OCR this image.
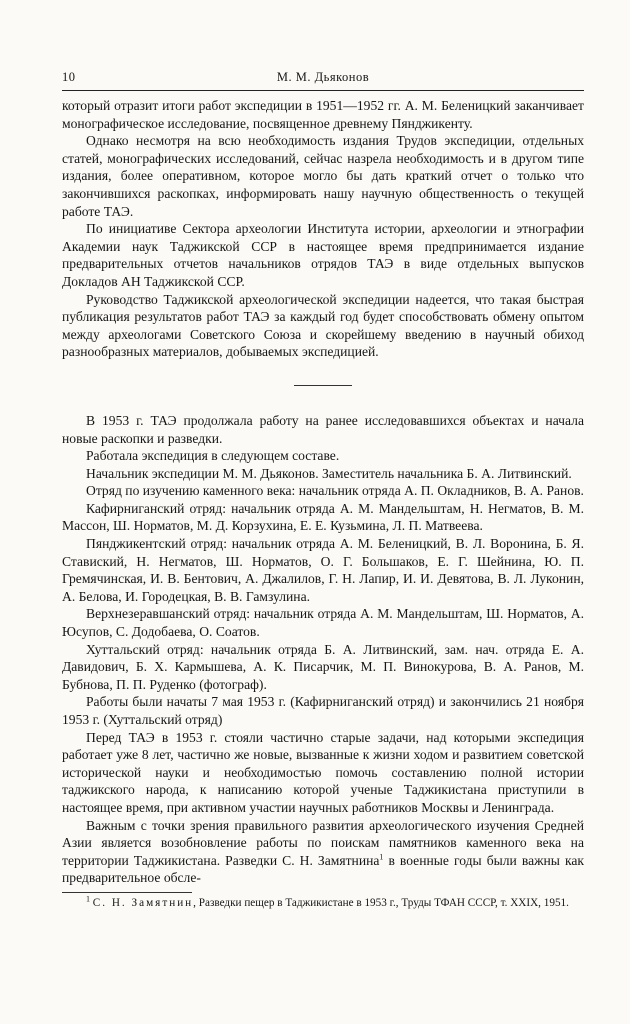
10	М. М. Дьяконов

который отразит итоги работ экспедиции в 1951—1952 гг. А. М. Беленицкий заканчивает монографическое исследование, посвященное древнему Пянджикенту.

Однако несмотря на всю необходимость издания Трудов экспедиции, отдельных статей, монографических исследований, сейчас назрела необходимость и в другом типе издания, более оперативном, которое могло бы дать краткий отчет о только что закончившихся раскопках, информировать нашу научную общественность о текущей работе ТАЭ.

По инициативе Сектора археологии Института истории, археологии и этнографии Академии наук Таджикской ССР в настоящее время предпринимается издание предварительных отчетов начальников отрядов ТАЭ в виде отдельных выпусков Докладов АН Таджикской ССР.

Руководство Таджикской археологической экспедиции надеется, что такая быстрая публикация результатов работ ТАЭ за каждый год будет способствовать обмену опытом между археологами Советского Союза и скорейшему введению в научный обиход разнообразных материалов, добываемых экспедицией.

В 1953 г. ТАЭ продолжала работу на ранее исследовавшихся объектах и начала новые раскопки и разведки.

Работала экспедиция в следующем составе.

Начальник экспедиции М. М. Дьяконов. Заместитель начальника Б. А. Литвинский.

Отряд по изучению каменного века: начальник отряда А. П. Окладников, В. А. Ранов.

Кафирниганский отряд: начальник отряда А. М. Мандельштам, Н. Негматов, В. М. Массон, Ш. Норматов, М. Д. Корзухина, Е. Е. Кузьмина, Л. П. Матвеева.

Пянджикентский отряд: начальник отряда А. М. Беленицкий, В. Л. Воронина, Б. Я. Ставиский, Н. Негматов, Ш. Норматов, О. Г. Большаков, Е. Г. Шейнина, Ю. П. Гремячинская, И. В. Бентович, А. Джалилов, Г. Н. Лапир, И. И. Девятова, В. Л. Луконин, А. Белова, И. Городецкая, В. В. Гамзулина.

Верхнезеравшанский отряд: начальник отряда А. М. Мандельштам, Ш. Норматов, А. Юсупов, С. Додобаева, О. Соатов.

Хуттальский отряд: начальник отряда Б. А. Литвинский, зам. нач. отряда Е. А. Давидович, Б. Х. Кармышева, А. К. Писарчик, М. П. Винокурова, В. А. Ранов, М. Бубнова, П. П. Руденко (фотограф).

Работы были начаты 7 мая 1953 г. (Кафирниганский отряд) и закончились 21 ноября 1953 г. (Хуттальский отряд)

Перед ТАЭ в 1953 г. стояли частично старые задачи, над которыми экспедиция работает уже 8 лет, частично же новые, вызванные к жизни ходом и развитием советской исторической науки и необходимостью помочь составлению полной истории таджикского народа, к написанию которой ученые Таджикистана приступили в настоящее время, при активном участии научных работников Москвы и Ленинграда.

Важным с точки зрения правильного развития археологического изучения Средней Азии является возобновление работы по поискам памятников каменного века на территории Таджикистана. Разведки С. Н. Замятнина$^1$ в военные годы были важны как предварительное обсле-

$^1$ С. Н. Замятнин, Разведки пещер в Таджикистане в 1953 г., Труды ТФАН СССР, т. XXIX, 1951.
